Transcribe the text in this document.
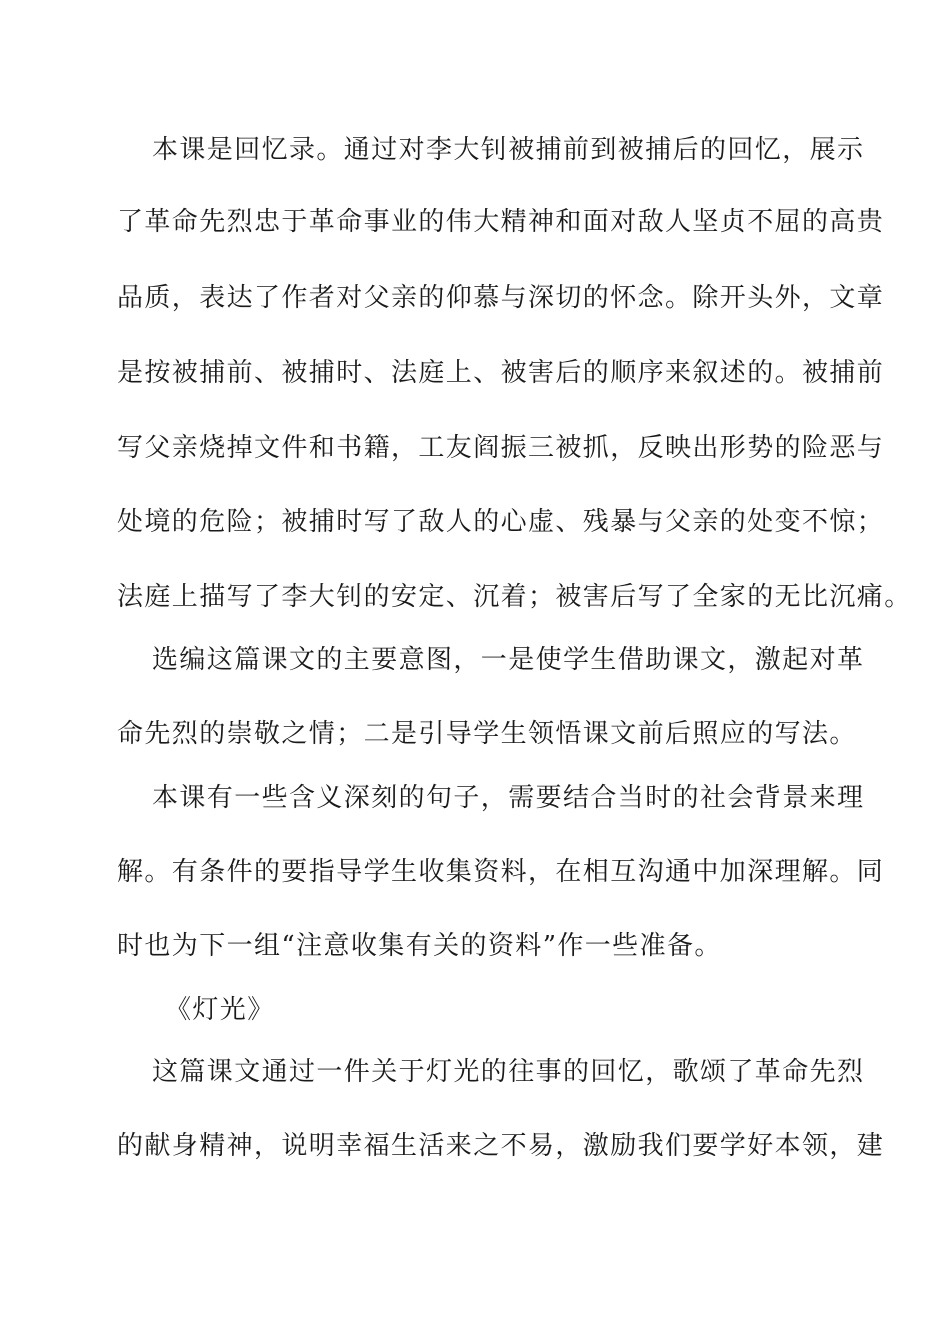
本课是回忆录。通过对李大钊被捕前到被捕后的回忆，展示
了革命先烈忠于革命事业的伟大精神和面对敌人坚贞不屈的高贵
品质，表达了作者对父亲的仰慕与深切的怀念。除开头外，文章
是按被捕前、被捕时、法庭上、被害后的顺序来叙述的。被捕前
写父亲烧掉文件和书籍，工友阎振三被抓，反映出形势的险恶与
处境的危险；被捕时写了敌人的心虚、残暴与父亲的处变不惊；
法庭上描写了李大钊的安定、沉着；被害后写了全家的无比沉痛。
选编这篇课文的主要意图，一是使学生借助课文，激起对革
命先烈的崇敬之情；二是引导学生领悟课文前后照应的写法。
本课有一些含义深刻的句子，需要结合当时的社会背景来理
解。有条件的要指导学生收集资料，在相互沟通中加深理解。同
时也为下一组“注意收集有关的资料”作一些准备。
《灯光》
这篇课文通过一件关于灯光的往事的回忆，歌颂了革命先烈
的献身精神，说明幸福生活来之不易，激励我们要学好本领，建
